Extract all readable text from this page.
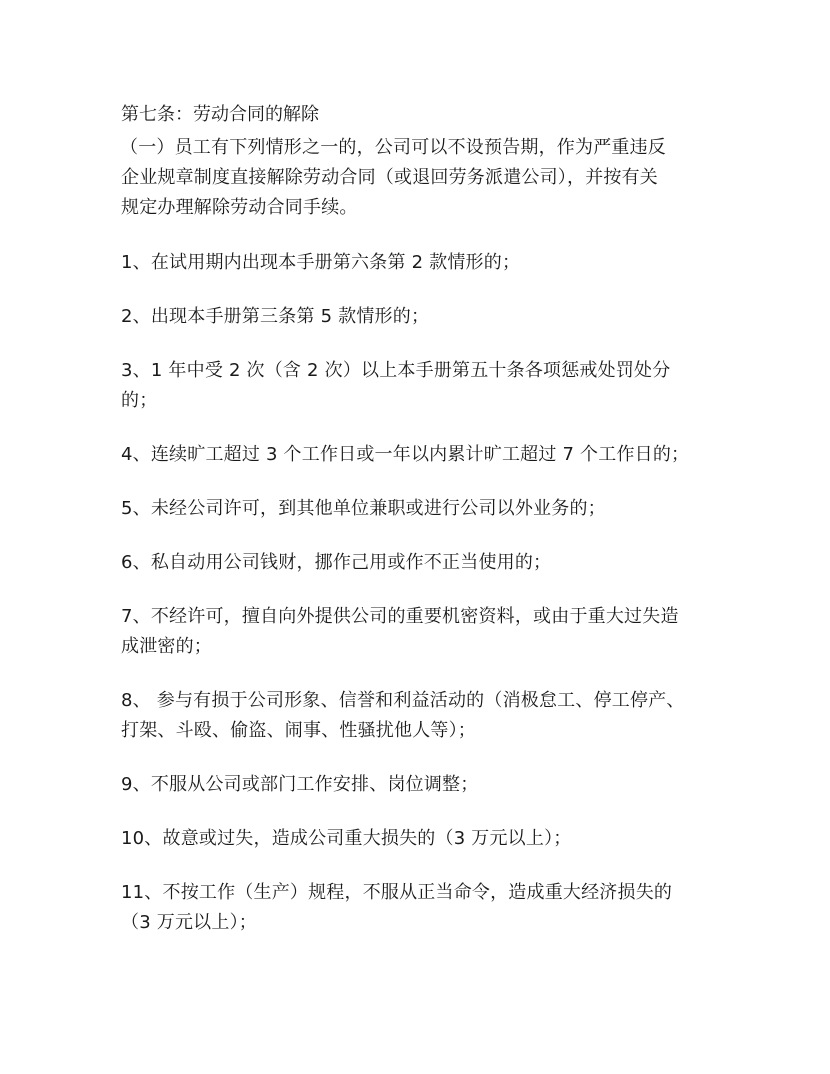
第七条：劳动合同的解除
（一）员工有下列情形之一的，公司可以不设预告期，作为严重违反
企业规章制度直接解除劳动合同（或退回劳务派遣公司），并按有关
规定办理解除劳动合同手续。
1、在试用期内出现本手册第六条第 2 款情形的；
2、出现本手册第三条第 5 款情形的；
3、1 年中受 2 次（含 2 次）以上本手册第五十条各项惩戒处罚处分
的；
4、连续旷工超过 3 个工作日或一年以内累计旷工超过 7 个工作日的；
5、未经公司许可，到其他单位兼职或进行公司以外业务的；
6、私自动用公司钱财，挪作己用或作不正当使用的；
7、不经许可，擅自向外提供公司的重要机密资料，或由于重大过失造
成泄密的；
8、 参与有损于公司形象、信誉和利益活动的（消极怠工、停工停产、
打架、斗殴、偷盗、闹事、性骚扰他人等）；
9、不服从公司或部门工作安排、岗位调整；
10、故意或过失，造成公司重大损失的（3 万元以上）；
11、不按工作（生产）规程，不服从正当命令，造成重大经济损失的
（3 万元以上）；
